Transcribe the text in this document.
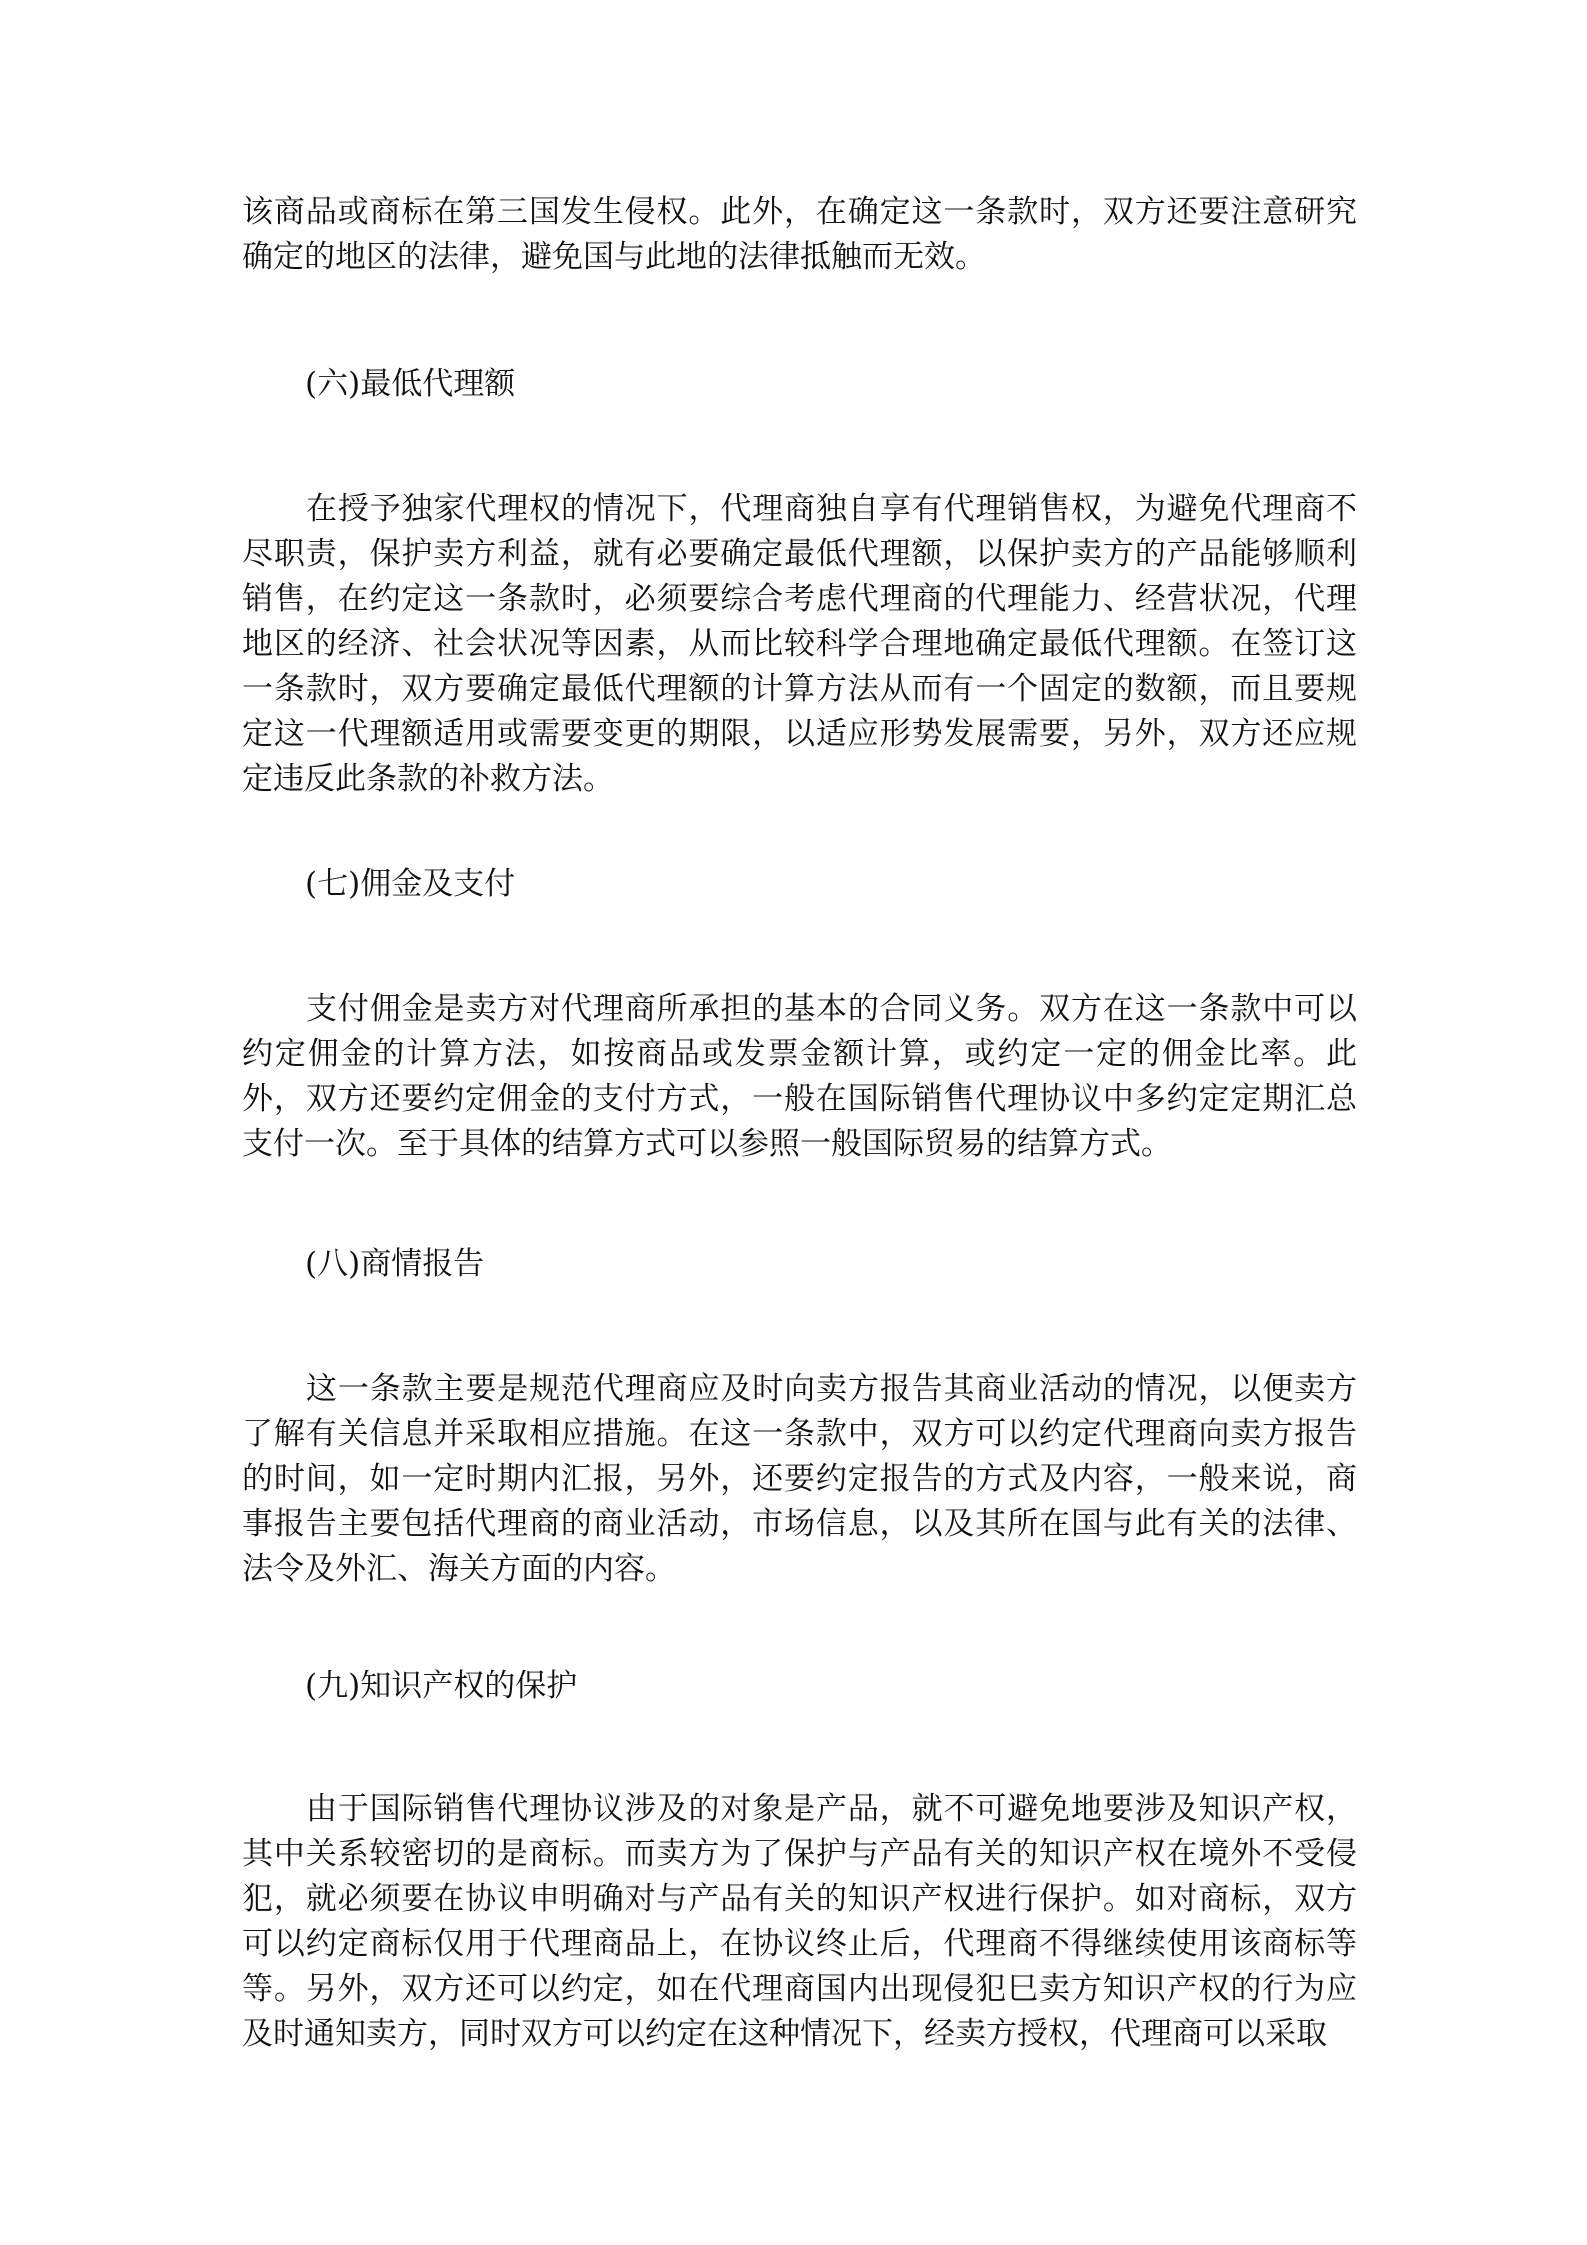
该商品或商标在第三国发生侵权。此外，在确定这一条款时，双方还要注意研究确定的地区的法律，避免国与此地的法律抵触而无效。
(六)最低代理额
在授予独家代理权的情况下，代理商独自享有代理销售权，为避免代理商不尽职责，保护卖方利益，就有必要确定最低代理额，以保护卖方的产品能够顺利销售，在约定这一条款时，必须要综合考虑代理商的代理能力、经营状况，代理地区的经济、社会状况等因素，从而比较科学合理地确定最低代理额。在签订这一条款时，双方要确定最低代理额的计算方法从而有一个固定的数额，而且要规定这一代理额适用或需要变更的期限，以适应形势发展需要，另外，双方还应规定违反此条款的补救方法。
(七)佣金及支付
支付佣金是卖方对代理商所承担的基本的合同义务。双方在这一条款中可以约定佣金的计算方法，如按商品或发票金额计算，或约定一定的佣金比率。此外，双方还要约定佣金的支付方式，一般在国际销售代理协议中多约定定期汇总支付一次。至于具体的结算方式可以参照一般国际贸易的结算方式。
(八)商情报告
这一条款主要是规范代理商应及时向卖方报告其商业活动的情况，以便卖方了解有关信息并采取相应措施。在这一条款中，双方可以约定代理商向卖方报告的时间，如一定时期内汇报，另外，还要约定报告的方式及内容，一般来说，商事报告主要包括代理商的商业活动，市场信息，以及其所在国与此有关的法律、法令及外汇、海关方面的内容。
(九)知识产权的保护
由于国际销售代理协议涉及的对象是产品，就不可避免地要涉及知识产权，其中关系较密切的是商标。而卖方为了保护与产品有关的知识产权在境外不受侵犯，就必须要在协议申明确对与产品有关的知识产权进行保护。如对商标，双方可以约定商标仅用于代理商品上，在协议终止后，代理商不得继续使用该商标等等。另外，双方还可以约定，如在代理商国内出现侵犯巳卖方知识产权的行为应及时通知卖方，同时双方可以约定在这种情况下，经卖方授权，代理商可以采取
